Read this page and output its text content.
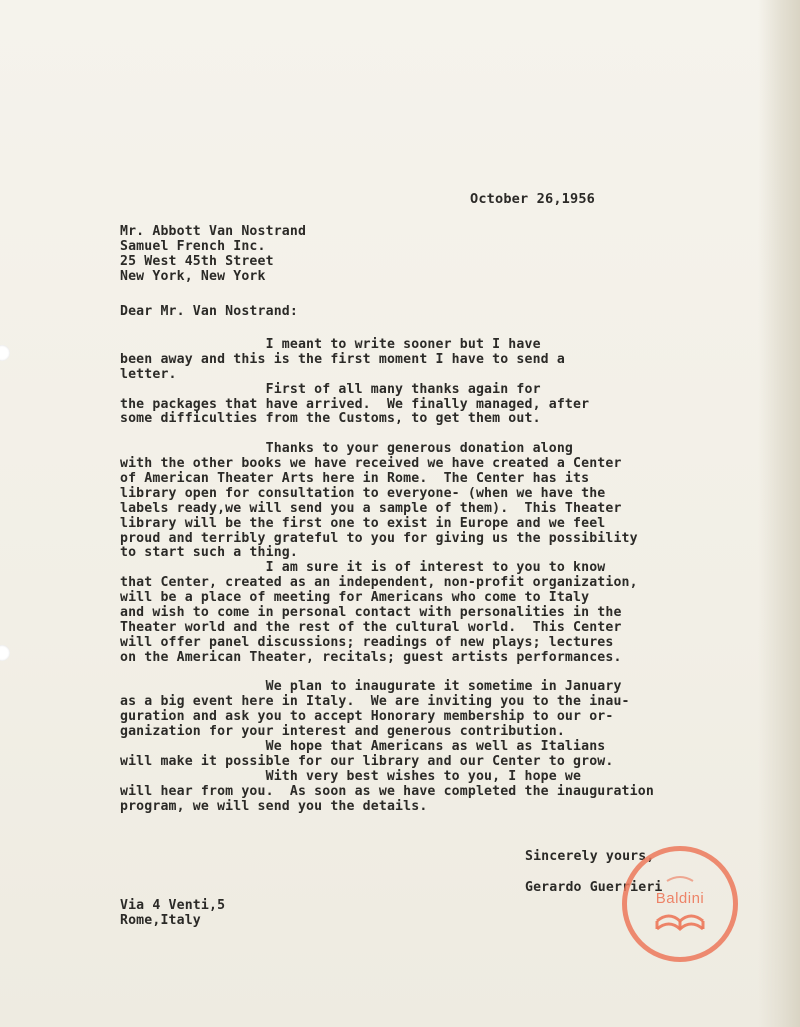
October 26,1956
Mr. Abbott Van Nostrand
Samuel French Inc.
25 West 45th Street
New York, New York
Dear Mr. Van Nostrand:
I meant to write sooner but I have
been away and this is the first moment I have to send a
letter.
First of all many thanks again for
the packages that have arrived.  We finally managed, after
some difficulties from the Customs, to get them out.
Thanks to your generous donation along
with the other books we have received we have created a Center
of American Theater Arts here in Rome.  The Center has its
library open for consultation to everyone- (when we have the
labels ready,we will send you a sample of them).  This Theater
library will be the first one to exist in Europe and we feel
proud and terribly grateful to you for giving us the possibility
to start such a thing.
I am sure it is of interest to you to know
that Center, created as an independent, non-profit organization,
will be a place of meeting for Americans who come to Italy
and wish to come in personal contact with personalities in the
Theater world and the rest of the cultural world.  This Center
will offer panel discussions; readings of new plays; lectures
on the American Theater, recitals; guest artists performances.
We plan to inaugurate it sometime in January
as a big event here in Italy.  We are inviting you to the inau-
guration and ask you to accept Honorary membership to our or-
ganization for your interest and generous contribution.
We hope that Americans as well as Italians
will make it possible for our library and our Center to grow.
With very best wishes to you, I hope we
will hear from you.  As soon as we have completed the inauguration
program, we will send you the details.
Sincerely yours,
Gerardo Guerrieri
Via 4 Venti,5
Rome,Italy
Baldini
